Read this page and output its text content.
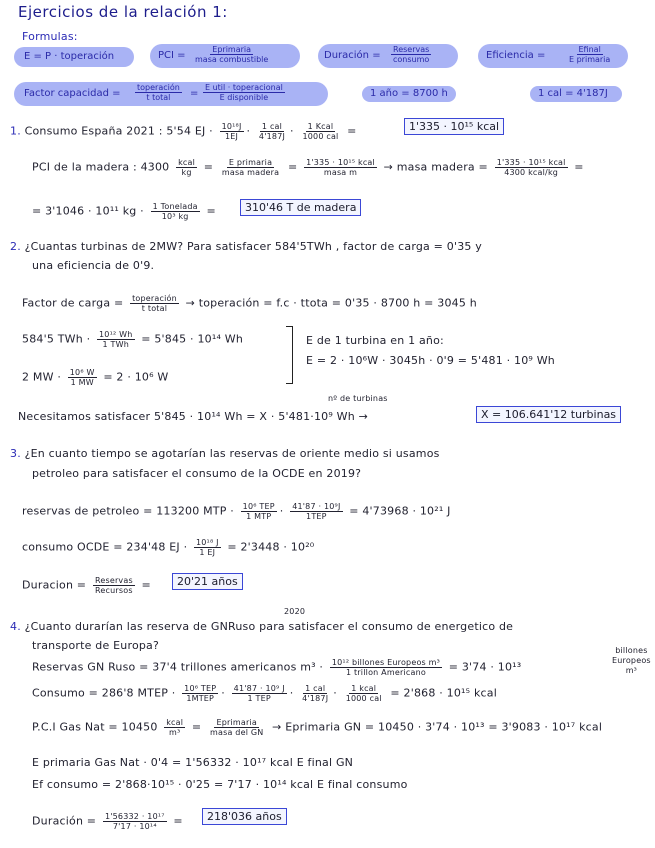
Ejercicios de la relación 1:
Formulas:
E = P · toperación	PCI =
Eprimaria
masa combustible	Duración =
Reservas
consumo	Eficiencia =
Efinal
E primaria
Factor capacidad =
toperación
t total =
E util · toperacional
E disponible	1 año = 8700 h	1 cal = 4'187J
1. Consumo España 2021 : 5'54 EJ · $\frac{\text{10¹⁸J}}{1EJ} \cdot \frac{\text{1 cal}}{4'187J} \cdot \frac{\text{1 Kcal}}{\text{1000 cal}}$ =	1'335 · 10¹⁵ kcal
PCI de la madera : $4300 \frac{\text{kcal}}{kg} = \frac{\text{E primaria}}{\text{masa madera}} = \frac{\text{1'335 · 10¹⁵ kcal}}{\text{masa m}}$ → masa madera = $\frac{\text{1'335 · 10¹⁵ kcal}}{\text{4300 kcal/kg}}$ =
= 3'1046 · 10¹¹ kg · $\frac{\text{1 Tonelada}}{\text{10³ kg}}$ =	310'46 T de madera
2. ¿Cuantas turbinas de 2MW? Para satisfacer 584'5TWh , factor de carga = 0'35 y
una eficiencia de 0'9.
Factor de carga = $\frac{\text{toperación}}{\text{t total}}$ → toperación = f.c · ttota = 0'35 · 8700 h = 3045 h
584'5 TWh · $\frac{\text{10¹² Wh}}{\text{1 TWh}} = 5'845 \cdot 10^{14}$ Wh
2 MW · $\frac{\text{10⁶ W}}{1 MW} = 2 \cdot 10^6$ W
E de 1 turbina en 1 año:
E = 2 · 10⁶W · 3045h · 0'9 = 5'481 · 10⁹ Wh
nº de turbinas
Necesitamos satisfacer 5'845 · 10¹⁴ Wh = X · 5'481·10⁹ Wh →	X = 106.641'12 turbinas
3. ¿En cuanto tiempo se agotarían las reservas de oriente medio si usamos
petroleo para satisfacer el consumo de la OCDE en 2019?
reservas de petroleo = 113200 MTP · $\frac{\text{10⁶ TEP}}{\text{1 MTP}} \cdot \frac{\text{41'87 · 10⁹J}}{\text{1TEP}} = 4'73968 \cdot 10^{21}$ J
consumo OCDE = 234'48 EJ · $\frac{\text{10¹⁸ J}}{1 EJ} = 2'3448 \cdot 10^{20}$
Duracion = $\frac{\text{Reservas}}{\text{Recursos}}$ =	20'21 años
2020
4. ¿Cuanto durarían las reserva de GNRuso para satisfacer el consumo de energetico de
transporte de Europa?
Reservas GN Ruso = 37'4 trillones americanos $m^3 \cdot \frac{\text{10¹² billones Europeos m³}}{\text{1 trillon Americano}} = 3'74 \cdot 10^{13}$
billones
Europeos
m³
Consumo = 286'8 MTEP · $\frac{\text{10⁶ TEP}}{\text{1MTEP}} \cdot \frac{\text{41'87 · 10⁹ J}}{\text{1 TEP}} \cdot \frac{\text{1 cal}}{4'187J} \cdot \frac{\text{1 kcal}}{\text{1000 cal}} = 2'868 \cdot 10^{15}$ kcal
P.C.I Gas Nat = $10450 \frac{\text{kcal}}{\text{m³}} = \frac{\text{Eprimaria}}{\text{masa del GN}}$ → Eprimaria GN = 10450 · 3'74 · 10¹³ = 3'9083 · 10¹⁷ kcal
E primaria Gas Nat · 0'4 = 1'56332 · 10¹⁷ kcal E final GN
Ef consumo = 2'868·10¹⁵ · 0'25 = 7'17 · 10¹⁴ kcal E final consumo
Duración = $\frac{\text{1'56332 · 10¹⁷}}{\text{7'17 · 10¹⁴}}$ =	218'036 años
